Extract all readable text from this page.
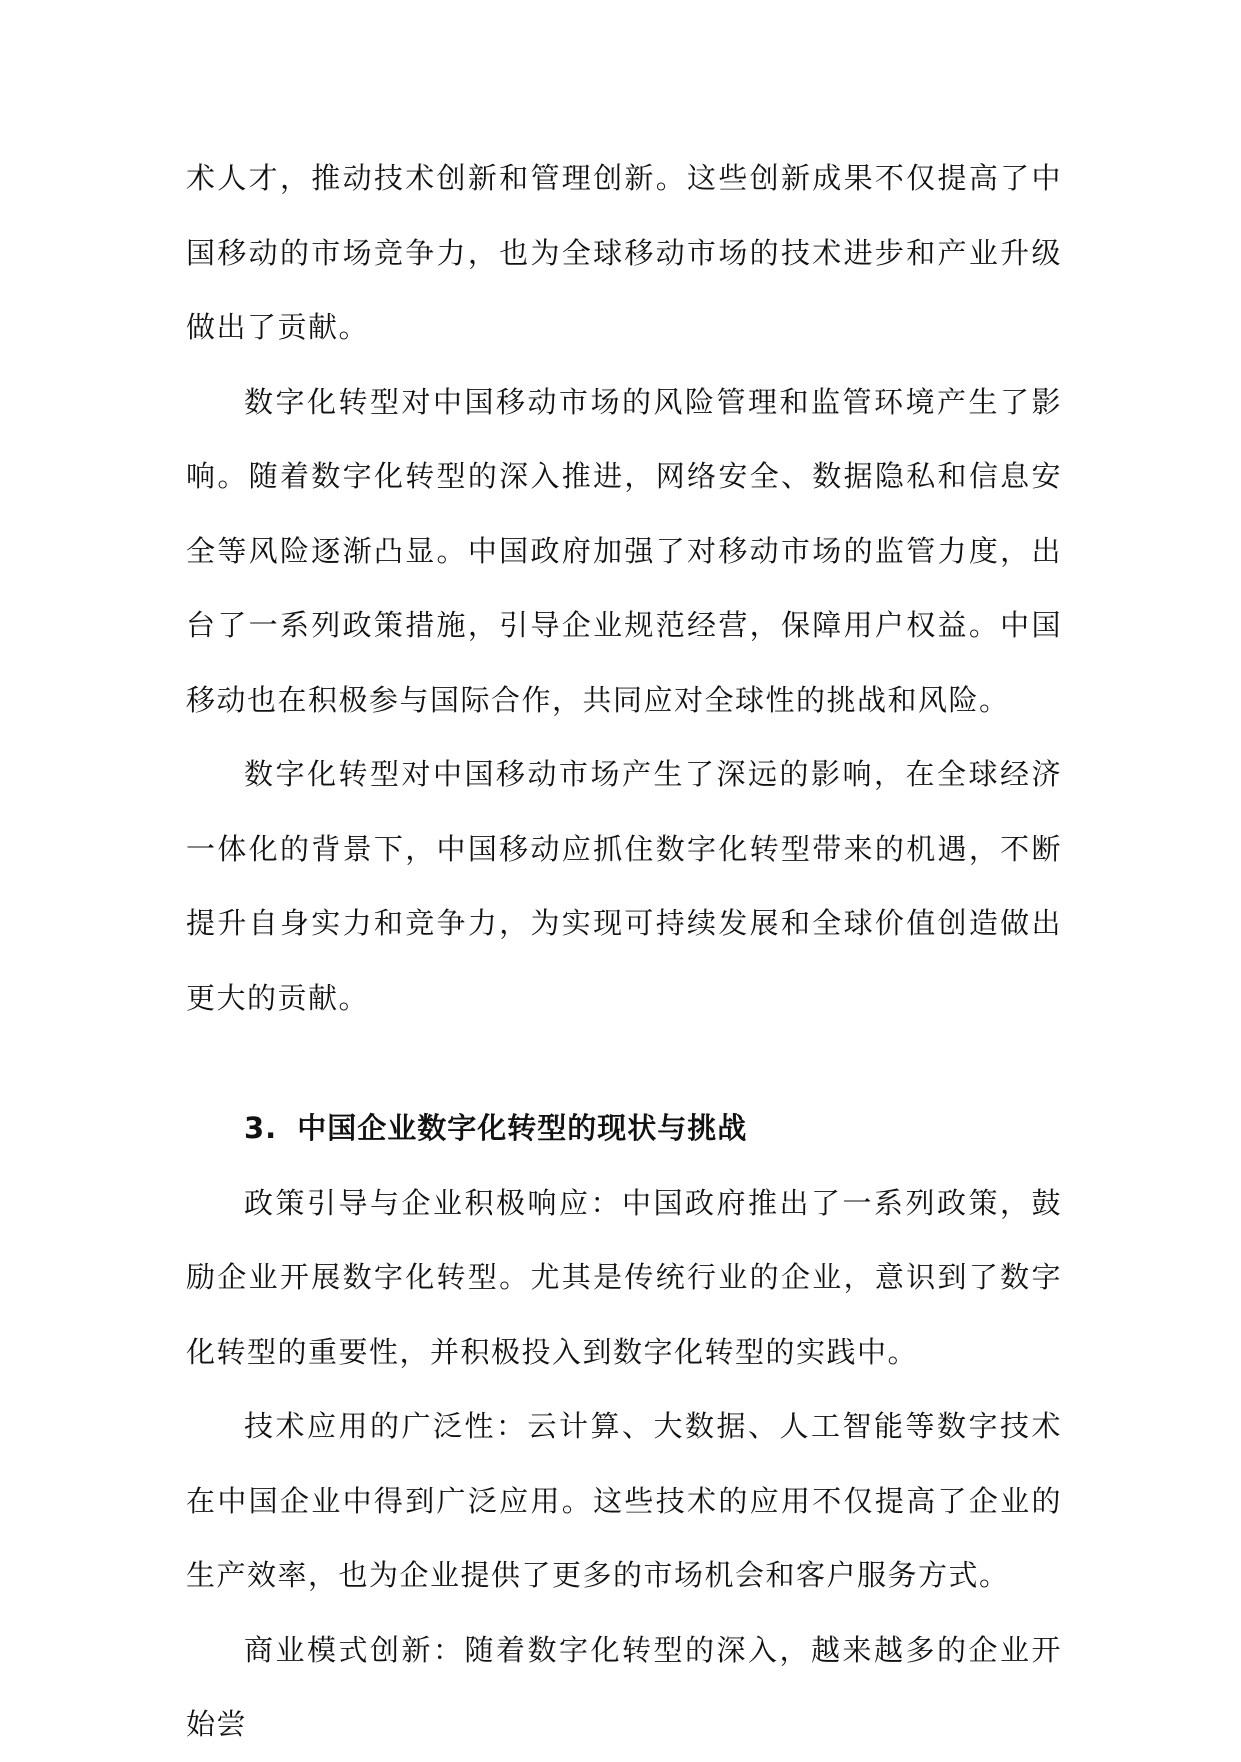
术人才，推动技术创新和管理创新。这些创新成果不仅提高了中国移动的市场竞争力，也为全球移动市场的技术进步和产业升级做出了贡献。

数字化转型对中国移动市场的风险管理和监管环境产生了影响。随着数字化转型的深入推进，网络安全、数据隐私和信息安全等风险逐渐凸显。中国政府加强了对移动市场的监管力度，出台了一系列政策措施，引导企业规范经营，保障用户权益。中国移动也在积极参与国际合作，共同应对全球性的挑战和风险。

数字化转型对中国移动市场产生了深远的影响，在全球经济一体化的背景下，中国移动应抓住数字化转型带来的机遇，不断提升自身实力和竞争力，为实现可持续发展和全球价值创造做出更大的贡献。

3. 中国企业数字化转型的现状与挑战

政策引导与企业积极响应：中国政府推出了一系列政策，鼓励企业开展数字化转型。尤其是传统行业的企业，意识到了数字化转型的重要性，并积极投入到数字化转型的实践中。

技术应用的广泛性：云计算、大数据、人工智能等数字技术在中国企业中得到广泛应用。这些技术的应用不仅提高了企业的生产效率，也为企业提供了更多的市场机会和客户服务方式。

商业模式创新：随着数字化转型的深入，越来越多的企业开始尝
